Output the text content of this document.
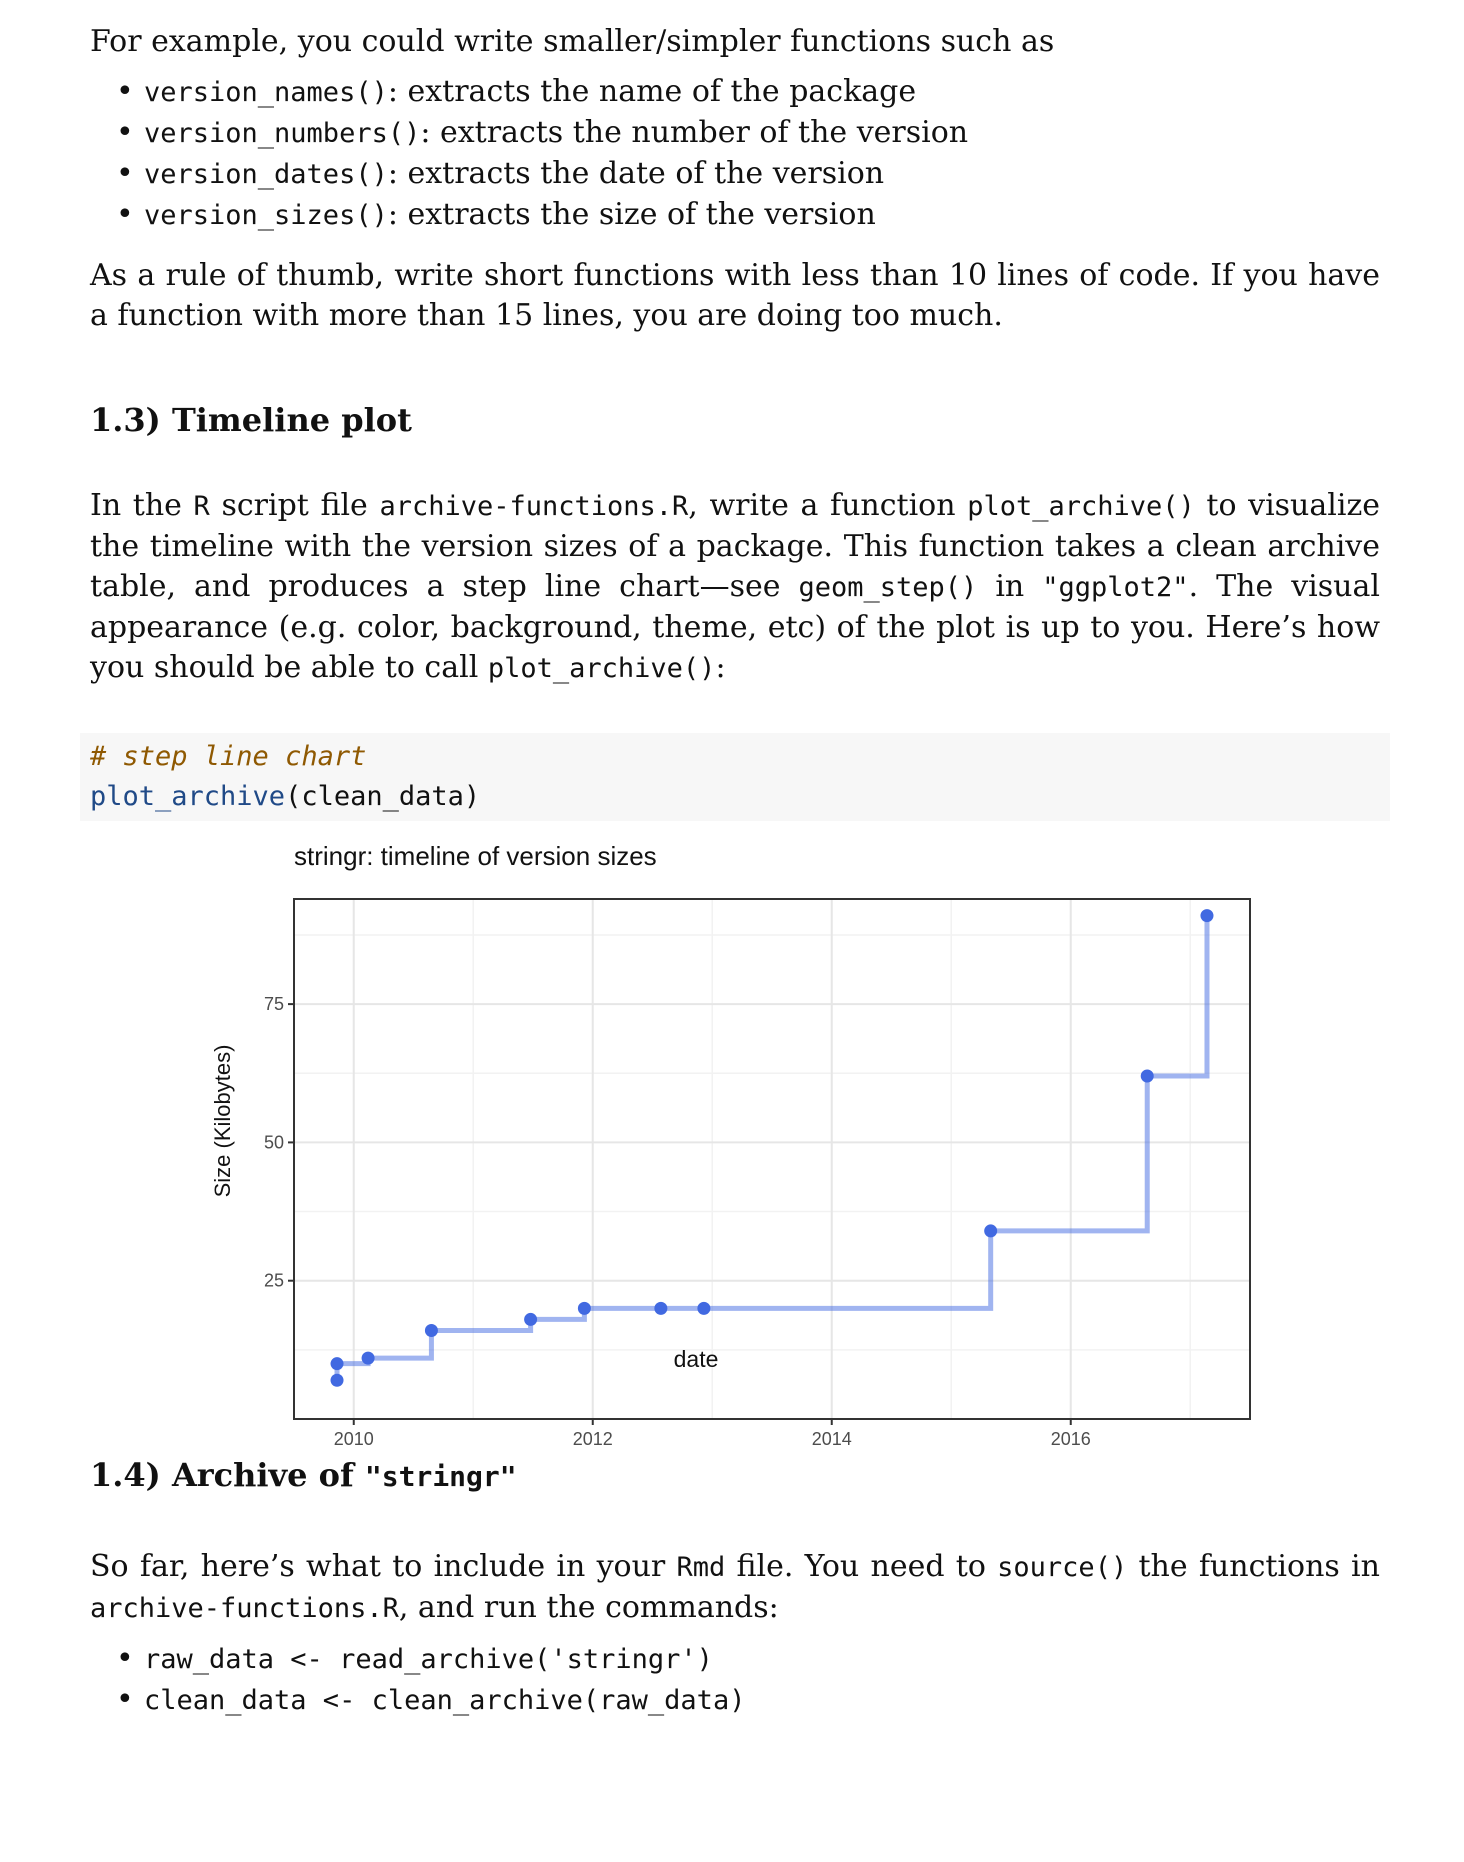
For example, you could write smaller/simpler functions such as

• version_names(): extracts the name of the package
• version_numbers(): extracts the number of the version
• version_dates(): extracts the date of the version
• version_sizes(): extracts the size of the version

As a rule of thumb, write short functions with less than 10 lines of code. If you have a function with more than 15 lines, you are doing too much.

1.3) Timeline plot

In the R script file archive-functions.R, write a function plot_archive() to visualize the timeline with the version sizes of a package. This function takes a clean archive table, and produces a step line chart—see geom_step() in "ggplot2". The visual appearance (e.g. color, background, theme, etc) of the plot is up to you. Here’s how you should be able to call plot_archive():

# step line chart
plot_archive(clean_data)
stringr: timeline of version sizes
2010	2012	2014	2016
25
50
75
date
Size (Kilobytes)
1.4) Archive of "stringr"

So far, here’s what to include in your Rmd file. You need to source() the functions in archive-functions.R, and run the commands:

• raw_data <- read_archive('stringr')
• clean_data <- clean_archive(raw_data)
